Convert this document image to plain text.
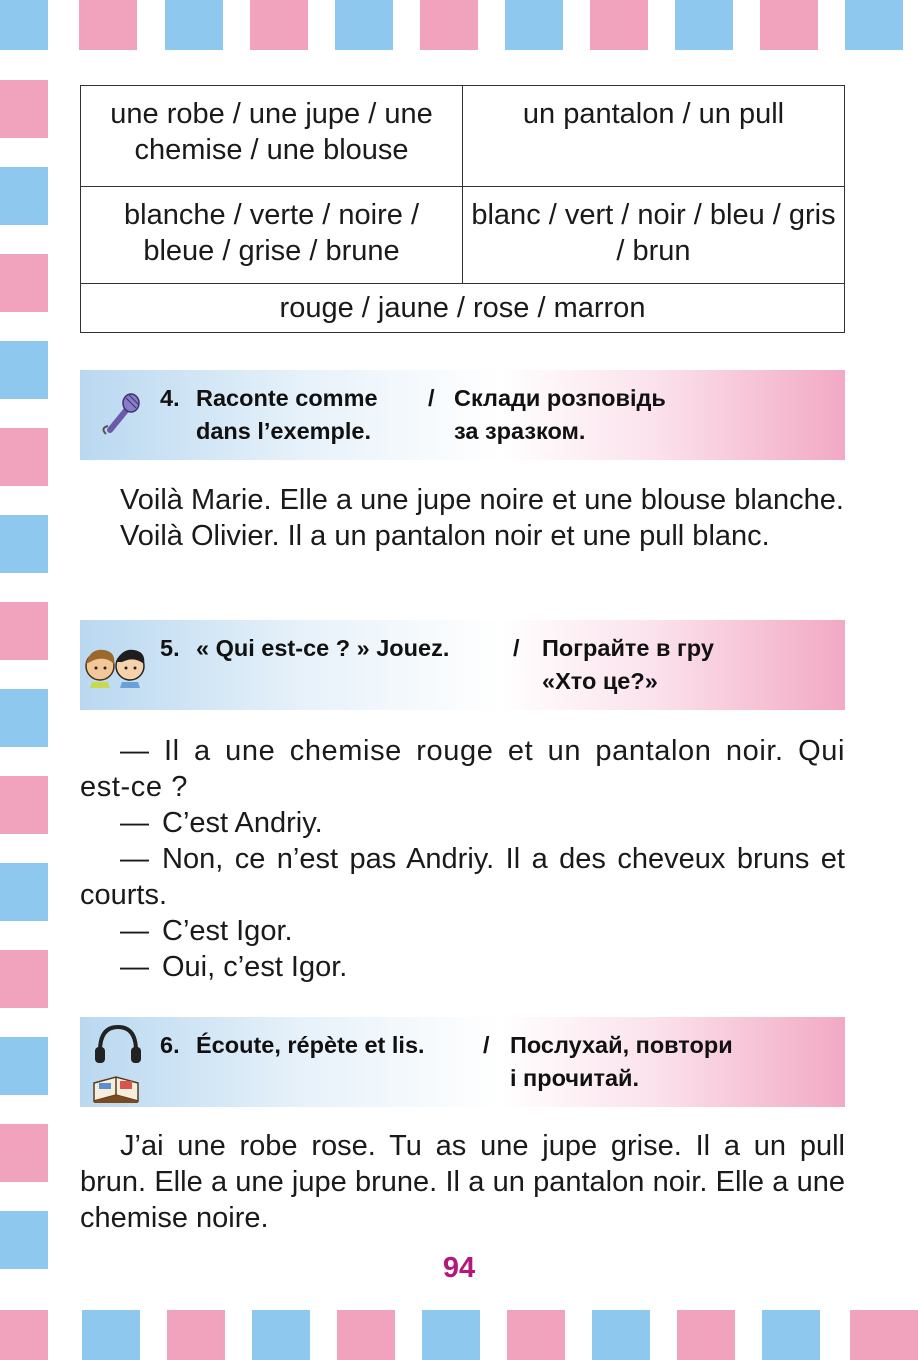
une robe / une jupe / une chemise / une blouse	un pantalon / un pull
blanche / verte / noire / bleue / grise / brune	blanc / vert / noir / bleu / gris / brun
rouge / jaune / rose / marron	
4. Raconte comme
dans l’exemple.
/ Склади розповідь
за зразком.

Voilà Marie. Elle a une jupe noire et une blouse blanche.

Voilà Olivier. Il a un pantalon noir et une pull blanc.

5. « Qui est-ce ? » Jouez.	/ Пограйте в гру
«Хто це?»

— Il a une chemise rouge et un pantalon noir. Qui est-ce ?

— C’est Andriy.

— Non, ce n’est pas Andriy. Il a des cheveux bruns et courts.

— C’est Igor.

— Oui, c’est Igor.

6. Écoute, répète et lis. / Послухай, повтори
і прочитай.

J’ai une robe rose. Tu as une jupe grise. Il a un pull brun. Elle a une jupe brune. Il a un pantalon noir. Elle a une chemise noire.

94
